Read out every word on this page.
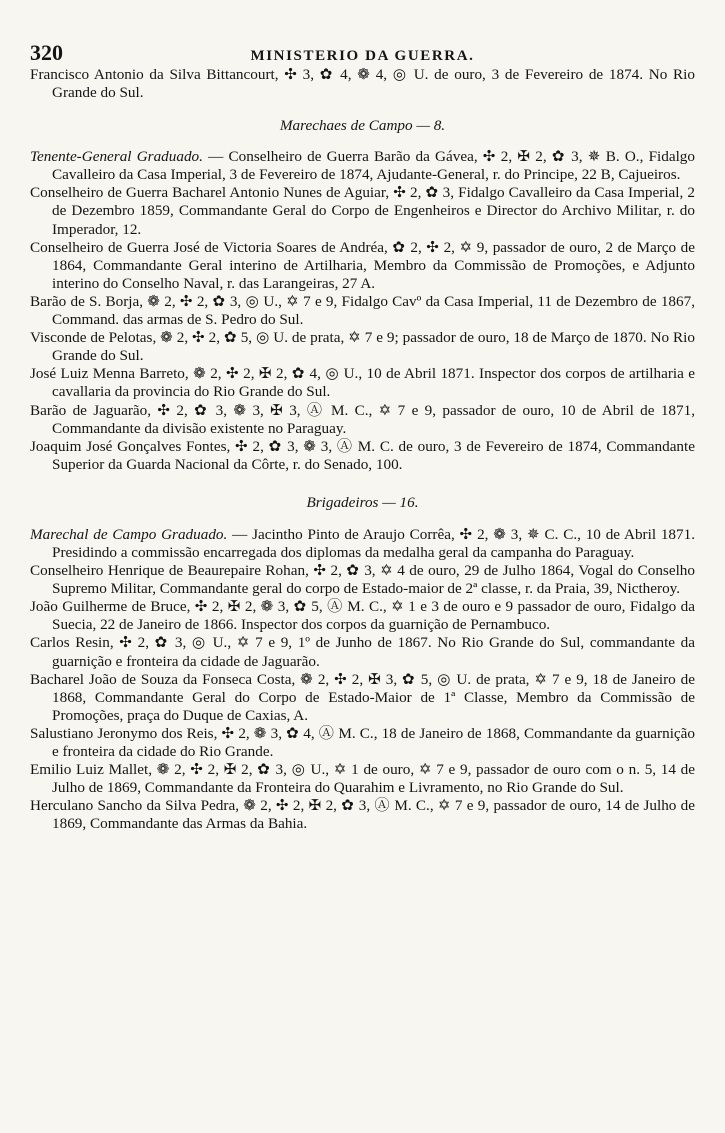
320	MINISTERIO DA GUERRA.

Francisco Antonio da Silva Bittancourt, ✣ 3, ✿ 4, ❁ 4, ◎ U. de ouro, 3 de Fevereiro de 1874. No Rio Grande do Sul.

Marechaes de Campo — 8.

Tenente-General Graduado. — Conselheiro de Guerra Barão da Gávea, ✣ 2, ✠ 2, ✿ 3, ✵ B. O., Fidalgo Cavalleiro da Casa Imperial, 3 de Fevereiro de 1874, Ajudante-General, r. do Principe, 22 B, Cajueiros.

Conselheiro de Guerra Bacharel Antonio Nunes de Aguiar, ✣ 2, ✿ 3, Fidalgo Cavalleiro da Casa Imperial, 2 de Dezembro 1859, Commandante Geral do Corpo de Engenheiros e Director do Archivo Militar, r. do Imperador, 12.

Conselheiro de Guerra José de Victoria Soares de Andréa, ✿ 2, ✣ 2, ✡ 9, passador de ouro, 2 de Março de 1864, Commandante Geral interino de Artilharia, Membro da Commissão de Promoções, e Adjunto interino do Conselho Naval, r. das Larangeiras, 27 A.

Barão de S. Borja, ❁ 2, ✣ 2, ✿ 3, ◎ U., ✡ 7 e 9, Fidalgo Cavº da Casa Imperial, 11 de Dezembro de 1867, Command. das armas de S. Pedro do Sul.

Visconde de Pelotas, ❁ 2, ✣ 2, ✿ 5, ◎ U. de prata, ✡ 7 e 9; passador de ouro, 18 de Março de 1870. No Rio Grande do Sul.

José Luiz Menna Barreto, ❁ 2, ✣ 2, ✠ 2, ✿ 4, ◎ U., 10 de Abril 1871. Inspector dos corpos de artilharia e cavallaria da provincia do Rio Grande do Sul.

Barão de Jaguarão, ✣ 2, ✿ 3, ❁ 3, ✠ 3, Ⓐ M. C., ✡ 7 e 9, passador de ouro, 10 de Abril de 1871, Commandante da divisão existente no Paraguay.

Joaquim José Gonçalves Fontes, ✣ 2, ✿ 3, ❁ 3, Ⓐ M. C. de ouro, 3 de Fevereiro de 1874, Commandante Superior da Guarda Nacional da Côrte, r. do Senado, 100.

Brigadeiros — 16.

Marechal de Campo Graduado. — Jacintho Pinto de Araujo Corrêa, ✣ 2, ❁ 3, ✵ C. C., 10 de Abril 1871. Presidindo a commissão encarregada dos diplomas da medalha geral da campanha do Paraguay.

Conselheiro Henrique de Beaurepaire Rohan, ✣ 2, ✿ 3, ✡ 4 de ouro, 29 de Julho 1864, Vogal do Conselho Supremo Militar, Commandante geral do corpo de Estado-maior de 2ª classe, r. da Praia, 39, Nictheroy.

João Guilherme de Bruce, ✣ 2, ✠ 2, ❁ 3, ✿ 5, Ⓐ M. C., ✡ 1 e 3 de ouro e 9 passador de ouro, Fidalgo da Suecia, 22 de Janeiro de 1866. Inspector dos corpos da guarnição de Pernambuco.

Carlos Resin, ✣ 2, ✿ 3, ◎ U., ✡ 7 e 9, 1º de Junho de 1867. No Rio Grande do Sul, commandante da guarnição e fronteira da cidade de Jaguarão.

Bacharel João de Souza da Fonseca Costa, ❁ 2, ✣ 2, ✠ 3, ✿ 5, ◎ U. de prata, ✡ 7 e 9, 18 de Janeiro de 1868, Commandante Geral do Corpo de Estado-Maior de 1ª Classe, Membro da Commissão de Promoções, praça do Duque de Caxias, A.

Salustiano Jeronymo dos Reis, ✣ 2, ❁ 3, ✿ 4, Ⓐ M. C., 18 de Janeiro de 1868, Commandante da guarnição e fronteira da cidade do Rio Grande.

Emilio Luiz Mallet, ❁ 2, ✣ 2, ✠ 2, ✿ 3, ◎ U., ✡ 1 de ouro, ✡ 7 e 9, passador de ouro com o n. 5, 14 de Julho de 1869, Commandante da Fronteira do Quarahim e Livramento, no Rio Grande do Sul.

Herculano Sancho da Silva Pedra, ❁ 2, ✣ 2, ✠ 2, ✿ 3, Ⓐ M. C., ✡ 7 e 9, passador de ouro, 14 de Julho de 1869, Commandante das Armas da Bahia.
